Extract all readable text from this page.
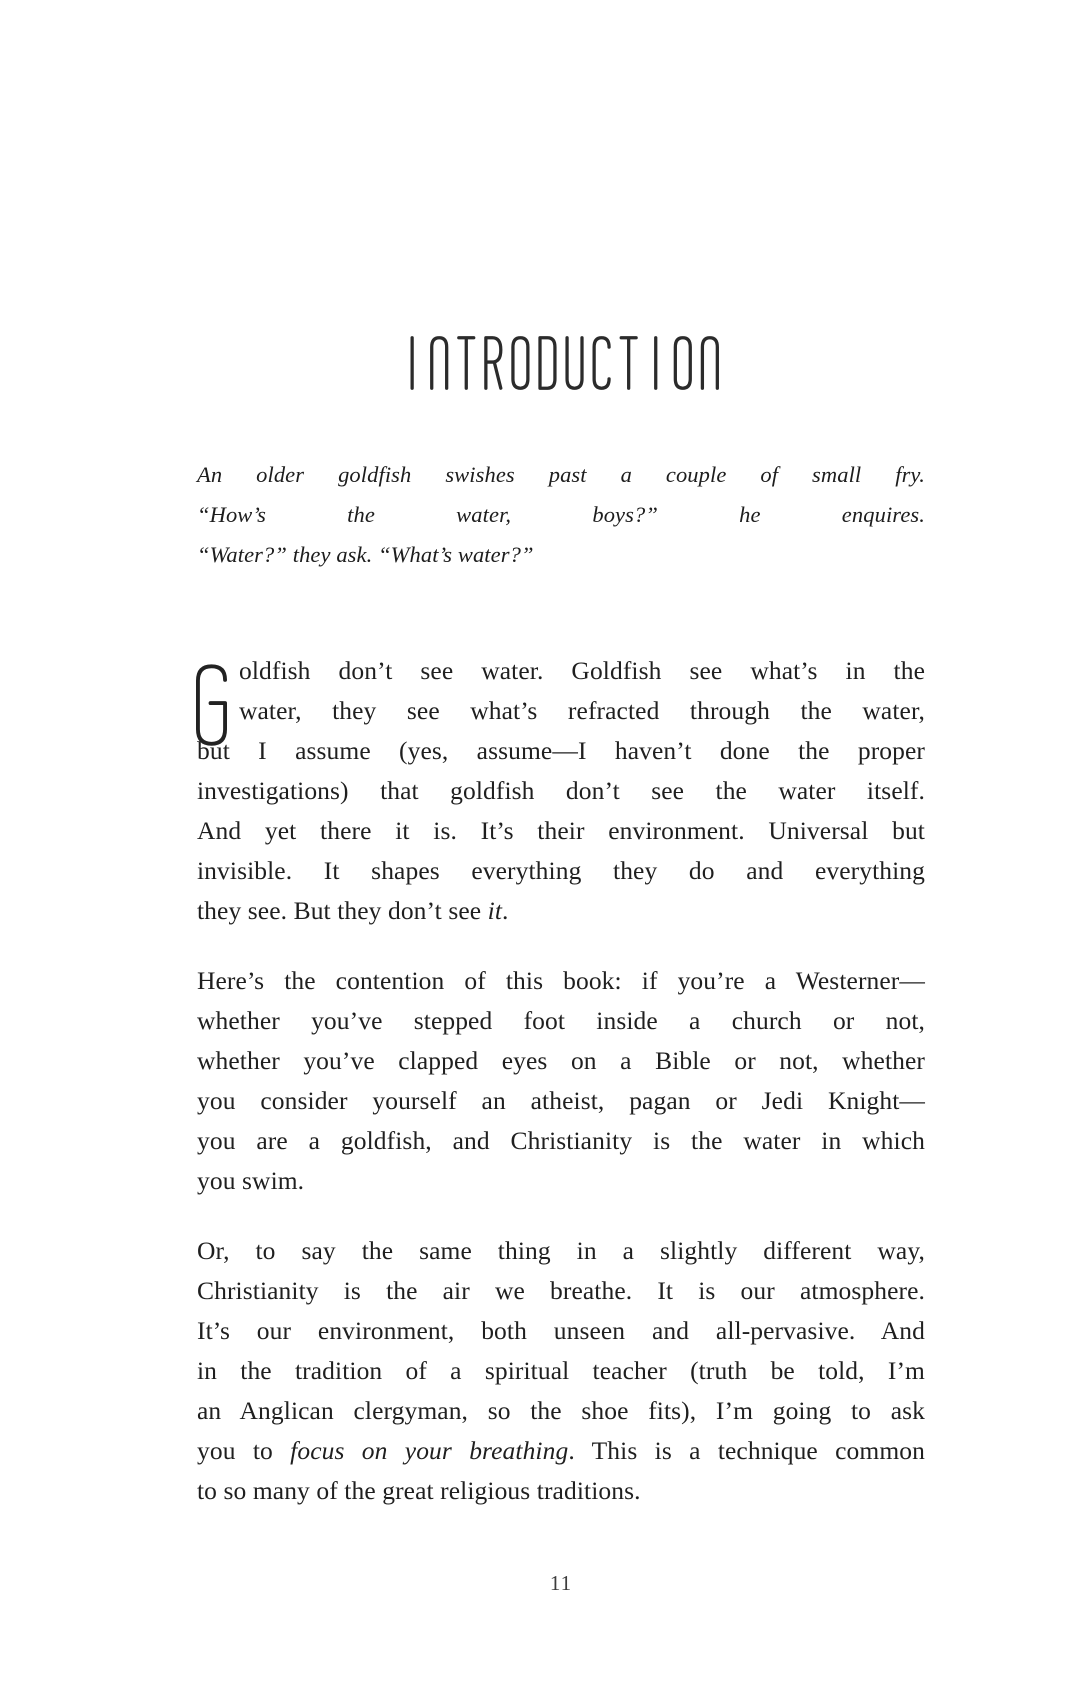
An older goldfish swishes past a couple of small fry.
“How’s the water, boys?” he enquires.
“Water?” they ask. “What’s water?”
oldfish don’t see water. Goldfish see what’s in the
water, they see what’s refracted through the water,
but I assume (yes, assume—I haven’t done the proper
investigations) that goldfish don’t see the water itself.
And yet there it is. It’s their environment. Universal but
invisible. It shapes everything they do and everything
they see. But they don’t see it.
Here’s the contention of this book: if you’re a Westerner—
whether you’ve stepped foot inside a church or not,
whether you’ve clapped eyes on a Bible or not, whether
you consider yourself an atheist, pagan or Jedi Knight—
you are a goldfish, and Christianity is the water in which
you swim.
Or, to say the same thing in a slightly different way,
Christianity is the air we breathe. It is our atmosphere.
It’s our environment, both unseen and all-pervasive. And
in the tradition of a spiritual teacher (truth be told, I’m
an Anglican clergyman, so the shoe fits), I’m going to ask
you to focus on your breathing. This is a technique common
to so many of the great religious traditions.
11
